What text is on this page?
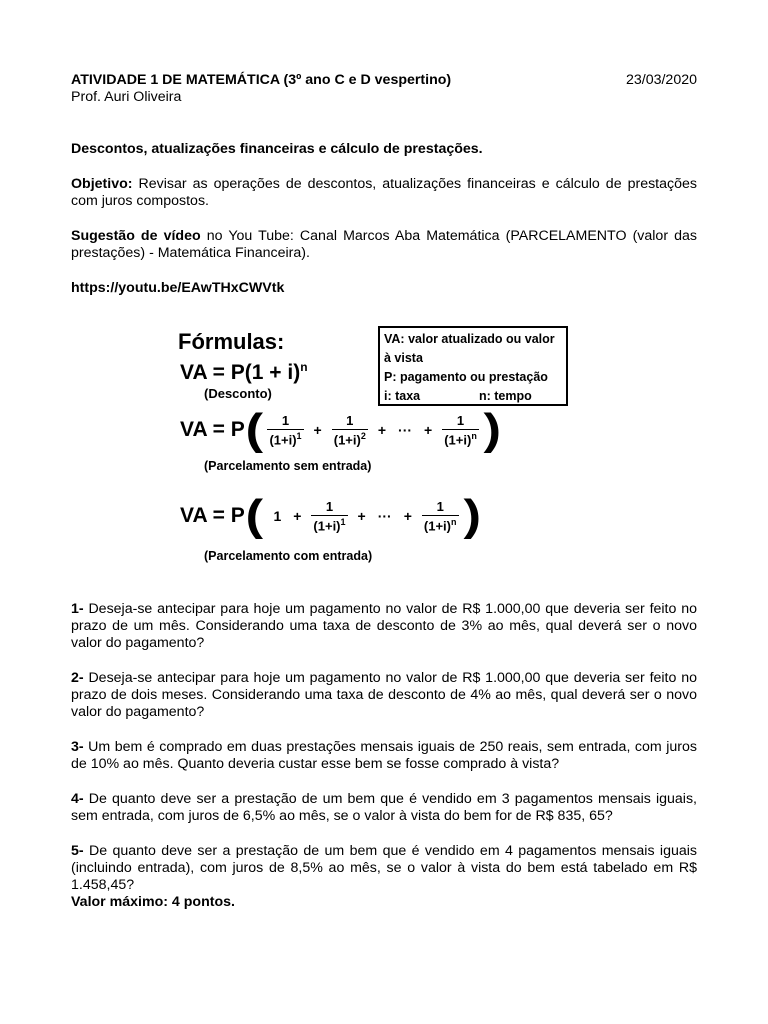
ATIVIDADE 1 DE MATEMÁTICA (3º ano C e D vespertino)	23/03/2020
Prof. Auri Oliveira
Descontos, atualizações financeiras e cálculo de prestações.

Objetivo: Revisar as operações de descontos, atualizações financeiras e cálculo de prestações com juros compostos.

Sugestão de vídeo no You Tube: Canal Marcos Aba Matemática (PARCELAMENTO (valor das prestações) - Matemática Financeira).

https://youtu.be/EAwTHxCWVtk
Fórmulas:
VA = $P(1 + i)^n$
(Desconto)
VA: valor atualizado ou valor
à vista
P: pagamento ou prestação
i: taxa	n: tempo
VA = P ( $\frac{1}{(1+i)^1} + \frac{1}{(1+i)^2}$ + ··· + $\frac{1}{(1+i)^n}$ )
(Parcelamento sem entrada)
VA = P ( $1 + \frac{1}{(1+i)^1}$ + ··· + $\frac{1}{(1+i)^n}$ )
(Parcelamento com entrada)

1- Deseja-se antecipar para hoje um pagamento no valor de R$ 1.000,00 que deveria ser feito no prazo de um mês. Considerando uma taxa de desconto de 3% ao mês, qual deverá ser o novo valor do pagamento?

2- Deseja-se antecipar para hoje um pagamento no valor de R$ 1.000,00 que deveria ser feito no prazo de dois meses. Considerando uma taxa de desconto de 4% ao mês, qual deverá ser o novo valor do pagamento?

3- Um bem é comprado em duas prestações mensais iguais de 250 reais, sem entrada, com juros de 10% ao mês. Quanto deveria custar esse bem se fosse comprado à vista?

4- De quanto deve ser a prestação de um bem que é vendido em 3 pagamentos mensais iguais, sem entrada, com juros de 6,5% ao mês, se o valor à vista do bem for de R$ 835, 65?

5- De quanto deve ser a prestação de um bem que é vendido em 4 pagamentos mensais iguais (incluindo entrada), com juros de 8,5% ao mês, se o valor à vista do bem está tabelado em R$ 1.458,45?

Valor máximo: 4 pontos.
